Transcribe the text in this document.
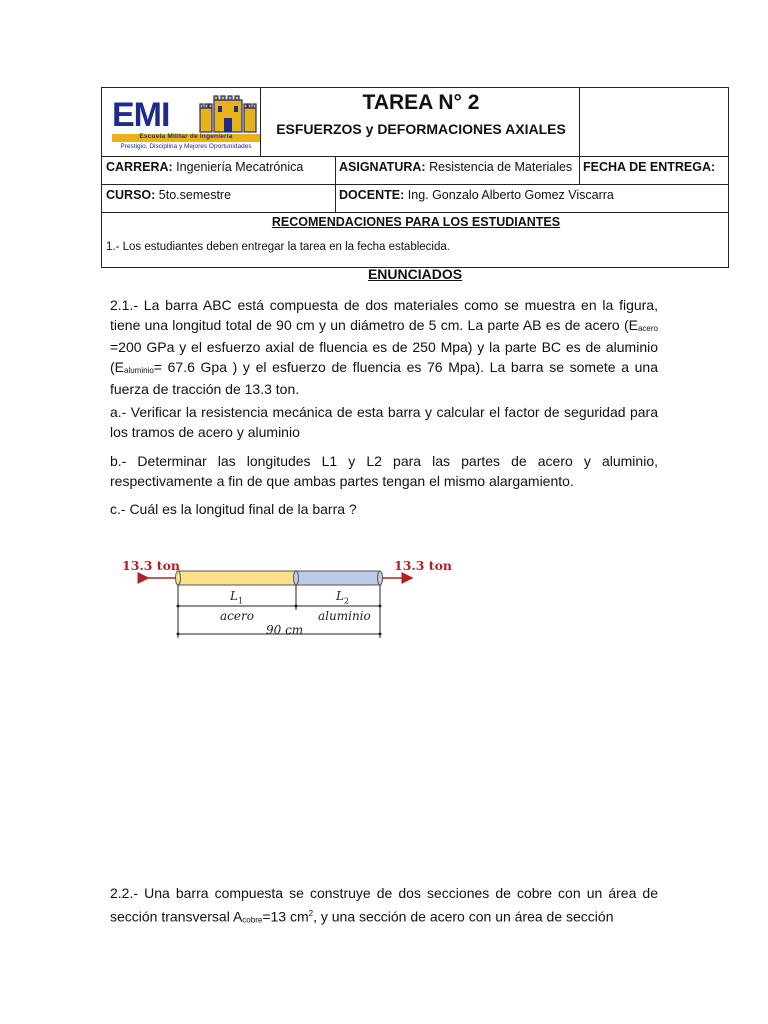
EMI
Escuela Militar de Ingeniería
Prestigio, Disciplina y Mejores Oportunidades
TAREA N° 2
ESFUERZOS y DEFORMACIONES AXIALES
CARRERA: Ingeniería Mecatrónica	ASIGNATURA: Resistencia de Materiales FECHA DE ENTREGA:
CURSO: 5to.semestre	DOCENTE: Ing. Gonzalo Alberto Gomez Viscarra
RECOMENDACIONES PARA LOS ESTUDIANTES
1.- Los estudiantes deben entregar la tarea en la fecha establecida.
ENUNCIADOS
2.1.- La barra ABC está compuesta de dos materiales como se muestra en la figura, tiene una longitud total de 90 cm y un diámetro de 5 cm. La parte AB es de acero ($E_{acero} =200$ GPa y el esfuerzo axial de fluencia es de 250 Mpa) y la parte BC es de aluminio ($E_{aluminio}= 67.6$ Gpa ) y el esfuerzo de fluencia es 76 Mpa). La barra se somete a una fuerza de tracción de 13.3 ton.
a.- Verificar la resistencia mecánica de esta barra y calcular el factor de seguridad para los tramos de acero y aluminio
b.- Determinar las longitudes L1 y L2 para las partes de acero y aluminio, respectivamente a fin de que ambas partes tengan el mismo alargamiento.
c.- Cuál es la longitud final de la barra ?
13.3 ton	13.3 ton
$L_1$	$L_2$
acero	aluminio
90 cm
2.2.- Una barra compuesta se construye de dos secciones de cobre con un área de sección transversal $A_{cobre}=13$ $cm^2$, y una sección de acero con un área de sección
